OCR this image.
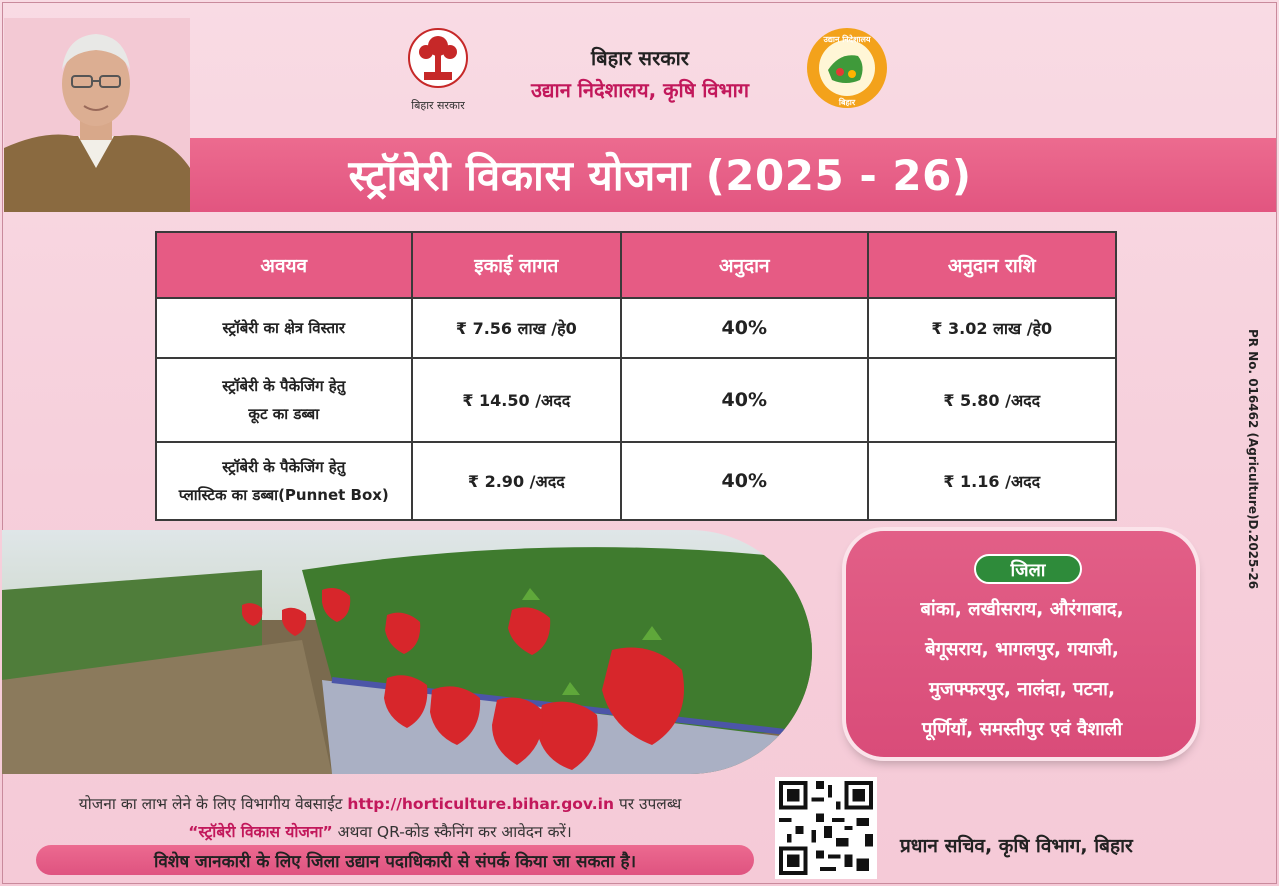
बिहार सरकार
बिहार सरकार
उद्यान निदेशालय, कृषि विभाग
उद्यान निदेशालय
बिहार
स्ट्रॉबेरी विकास योजना (2025 - 26)
अवयव	इकाई लागत	अनुदान	अनुदान राशि
स्ट्रॉबेरी का क्षेत्र विस्तार	₹ 7.56 लाख /हे0	40%	₹ 3.02 लाख /हे0

स्ट्रॉबेरी के पैकेजिंग हेतु
कूट का डब्बा	₹ 14.50 /अदद	40%	₹ 5.80 /अदद

स्ट्रॉबेरी के पैकेजिंग हेतु
प्लास्टिक का डब्बा(Punnet Box)	₹ 2.90 /अदद	40%	₹ 1.16 /अदद
जिला
बांका, लखीसराय, औरंगाबाद,
बेगूसराय, भागलपुर, गयाजी,
मुजफ्फरपुर, नालंदा, पटना,
पूर्णियाँ, समस्तीपुर एवं वैशाली
PR No. 016462 (Agriculture)D.2025-26
योजना का लाभ लेने के लिए विभागीय वेबसाईट http://horticulture.bihar.gov.in पर उपलब्ध
“स्ट्रॉबेरी विकास योजना” अथवा QR-कोड स्कैनिंग कर आवेदन करें।
विशेष जानकारी के लिए जिला उद्यान पदाधिकारी से संपर्क किया जा सकता है।
प्रधान सचिव, कृषि विभाग, बिहार
